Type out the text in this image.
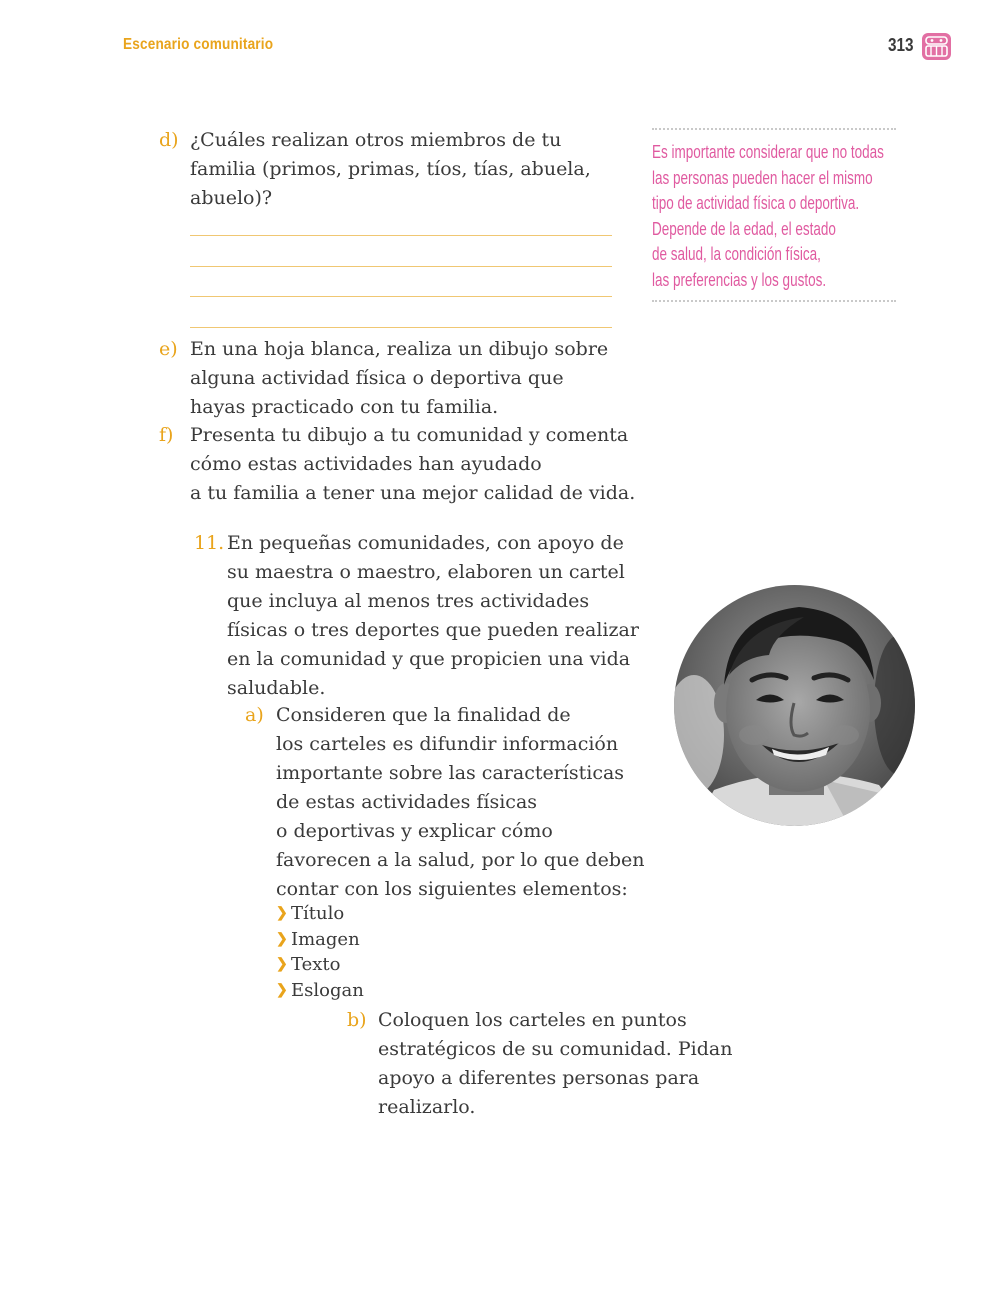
Escenario comunitario	313
d) ¿Cuáles realizan otros miembros de tu
familia (primos, primas, tíos, tías, abuela,
abuelo)?
Es importante considerar que no todas
las personas pueden hacer el mismo
tipo de actividad física o deportiva.
Depende de la edad, el estado
de salud, la condición física,
las preferencias y los gustos.
e) En una hoja blanca, realiza un dibujo sobre
alguna actividad física o deportiva que
hayas practicado con tu familia.
f) Presenta tu dibujo a tu comunidad y comenta
cómo estas actividades han ayudado
a tu familia a tener una mejor calidad de vida.
11. En pequeñas comunidades, con apoyo de
su maestra o maestro, elaboren un cartel
que incluya al menos tres actividades
físicas o tres deportes que pueden realizar
en la comunidad y que propicien una vida
saludable.
a) Consideren que la finalidad de
los carteles es difundir información
importante sobre las características
de estas actividades físicas
o deportivas y explicar cómo
favorecen a la salud, por lo que deben
contar con los siguientes elementos:
❯ Título
❯ Imagen
❯ Texto
❯ Eslogan
b) Coloquen los carteles en puntos
estratégicos de su comunidad. Pidan
apoyo a diferentes personas para
realizarlo.
